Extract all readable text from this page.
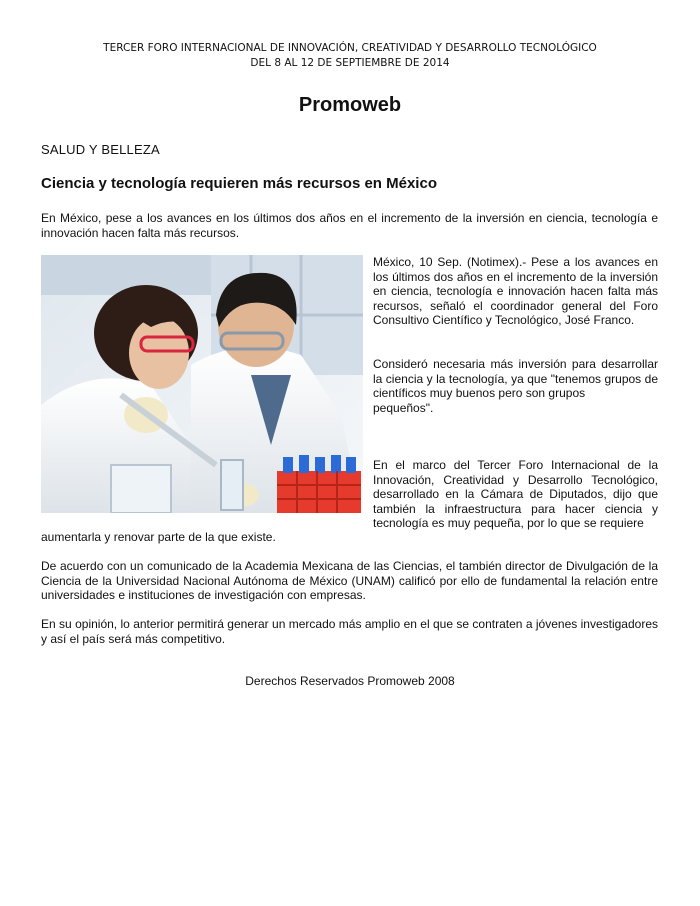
TERCER FORO INTERNACIONAL DE INNOVACIÓN, CREATIVIDAD Y DESARROLLO TECNOLÓGICO
DEL 8 AL 12 DE SEPTIEMBRE DE 2014
Promoweb
SALUD Y BELLEZA
Ciencia y tecnología requieren más recursos en México
En México, pese a los avances en los últimos dos años en el incremento de la inversión en ciencia, tecnología e innovación hacen falta más recursos.
México, 10 Sep. (Notimex).- Pese a los avances en los últimos dos años en el incremento de la inversión en ciencia, tecnología e innovación hacen falta más recursos, señaló el coordinador general del Foro Consultivo Científico y Tecnológico, José Franco.
Consideró necesaria más inversión para desarrollar la ciencia y la tecnología, ya que "tenemos grupos de científicos muy buenos pero son grupos
pequeños".
En el marco del Tercer Foro Internacional de la Innovación, Creatividad y Desarrollo Tecnológico, desarrollado en la Cámara de Diputados, dijo que también la infraestructura para hacer ciencia y tecnología es muy pequeña, por lo que se requiere
aumentarla y renovar parte de la que existe.
De acuerdo con un comunicado de la Academia Mexicana de las Ciencias, el también director de Divulgación de la Ciencia de la Universidad Nacional Autónoma de México (UNAM) calificó por ello de fundamental la relación entre universidades e instituciones de investigación con empresas.
En su opinión, lo anterior permitirá generar un mercado más amplio en el que se contraten a jóvenes investigadores y así el país será más competitivo.
Derechos Reservados Promoweb 2008
